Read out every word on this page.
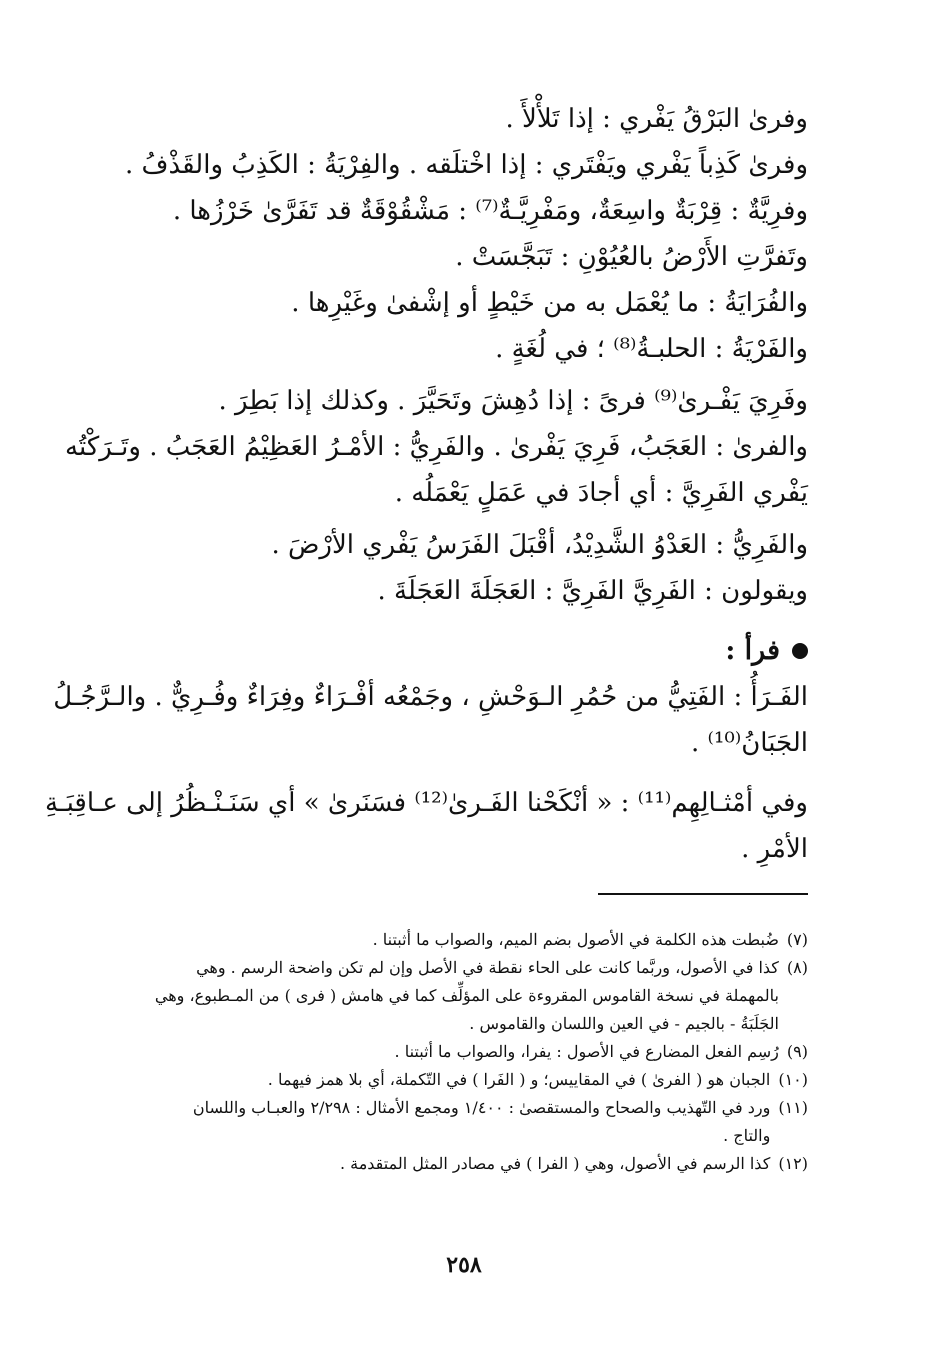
وفرىٰ البَرْقُ يَفْري : إذا تَلأْلأَ .
وفرىٰ كَذِباً يَفْري ويَفْتَري : إذا اخْتلَقه . والفِرْيَةُ : الكَذِبُ والقَذْفُ .
وفرِيَّةٌ : قِرْبَةٌ واسِعَةٌ، ومَفْرِيَّـةٌ⁽⁷⁾ : مَشْقُوْقَةٌ قد تَفَرَّىٰ خَرْزُها .
وتَفرَّتِ الأَرْضُ بالعُيُوْنِ : تَبَجَّسَتْ .
والفُرَايَةُ : ما يُعْمَل به من خَيْطٍ أو إشْفىٰ وغَيْرِها .
والفَرْيَةُ : الحلبـةُ⁽⁸⁾ ؛ في لُغَةٍ .
وفَرِيَ يَفْـرىٰ⁽⁹⁾ فرىً : إذا دُهِشَ وتَحَيَّرَ . وكذلك إذا بَطِرَ .
والفرىٰ : العَجَبُ، فَرِيَ يَفْرىٰ . والفَرِيُّ : الأمْـرُ العَظِيْمُ العَجَبُ . وتَـرَكْتُه
يَفْري الفَرِيَّ : أي أجادَ في عَمَلٍ يَعْمَلُه .
والفَرِيُّ : العَدْوُ الشَّدِيْدُ، أقْبَلَ الفَرَسُ يَفْري الأرْضَ .
ويقولون : الفَرِيَّ الفَرِيَّ : العَجَلَةَ العَجَلَةَ .
فرأ :
الفَـرَأُ : الفَتِيُّ من حُمُرِ الـوَحْشِ ، وجَمْعُه أفْـرَاءٌ وفِرَاءٌ وفُـرِيٌّ . والـرَّجُـلُ
الجَبَانُ⁽¹⁰⁾ .
وفي أمْثـالِهِم⁽¹¹⁾ : « أنْكَحْنا الفَـرىٰ⁽¹²⁾ فسَنَرىٰ » أي سَنَـنْـظُرُ إلى عـاقِبَـةِ
الأمْرِ .
(٧)
ضُبطت هذه الكلمة في الأصول بضم الميم، والصواب ما أثبتنا .
(٨)
كذا في الأصول، وربَّما كانت على الحاء نقطة في الأصل وإن لم تكن واضحة الرسم . وهي
بالمهملة في نسخة القاموس المقروءة على المؤلِّف كما في هامش ( فرى ) من المـطبوع، وهي
الجَلَبَةُ - بالجيم - في العين واللسان والقاموس .
(٩)
رُسِم الفعل المضارع في الأصول : يفرا، والصواب ما أثبتنا .
(١٠)
الجبان هو ( الفرىٰ ) في المقاييس؛ و ( الفَرا ) في التّكملة، أي بلا همز فيهما .
(١١)
ورد في التّهذيب والصحاح والمستقصىٰ : ١/٤٠٠ ومجمع الأمثال : ٢/٢٩٨ والعبـاب واللسان
والتاج .
(١٢)
كذا الرسم في الأصول، وهي ( الفرا ) في مصادر المثل المتقدمة .
٢٥٨
